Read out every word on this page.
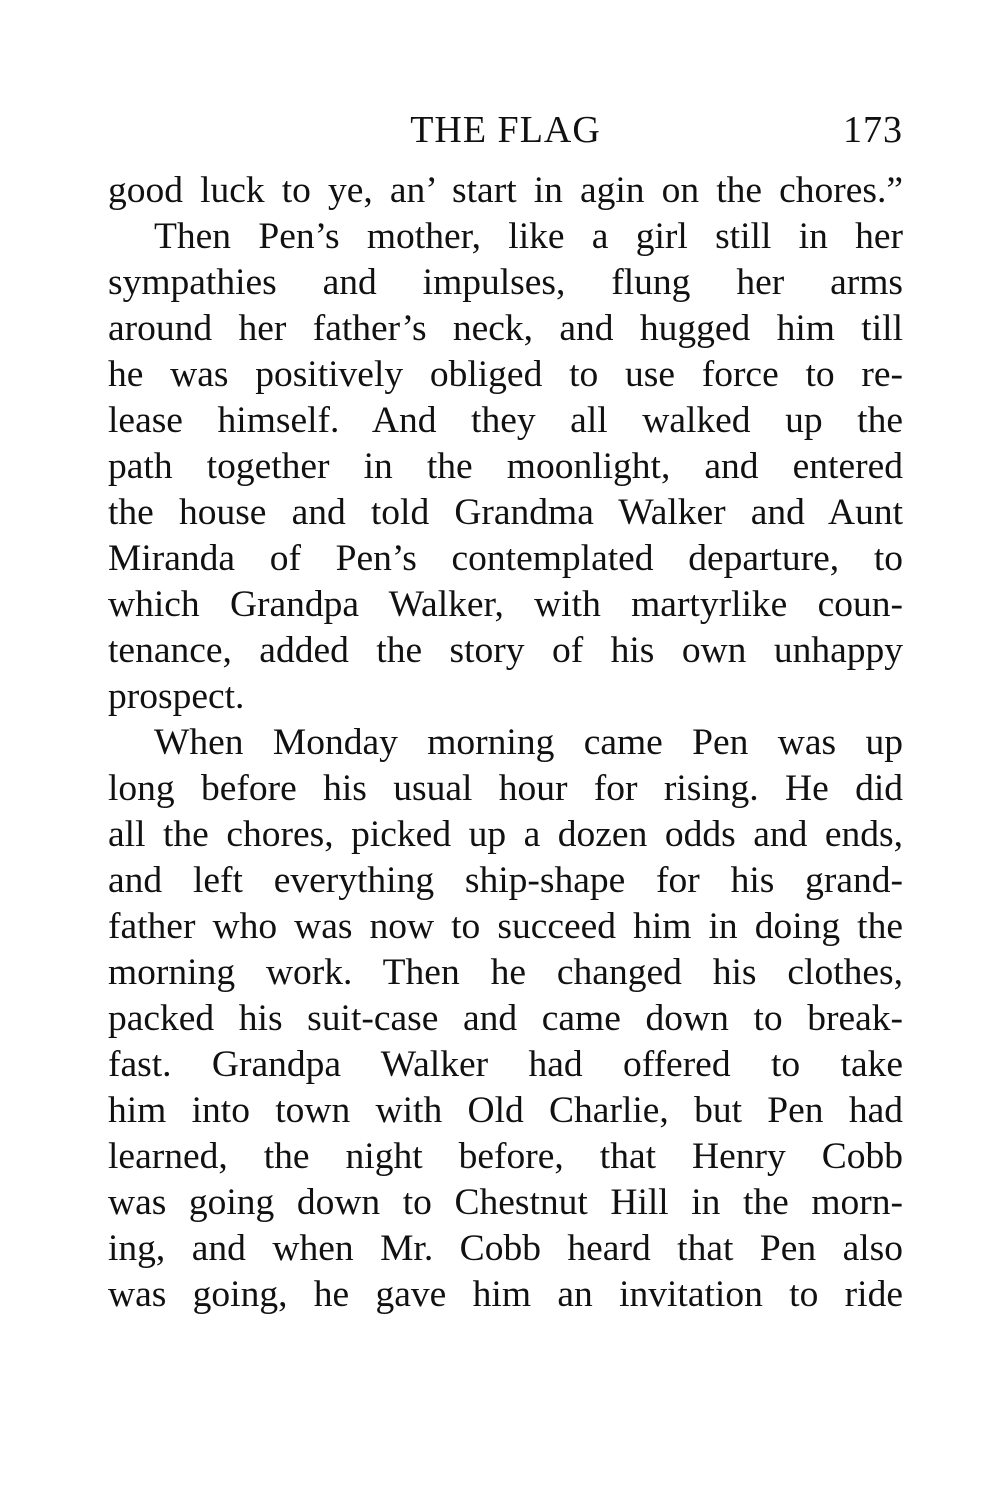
THE FLAG	173
good luck to ye, an’ start in agin on the chores.”
Then Pen’s mother, like a girl still in her
sympathies and impulses, flung her arms
around her father’s neck, and hugged him till
he was positively obliged to use force to re-
lease himself. And they all walked up the
path together in the moonlight, and entered
the house and told Grandma Walker and Aunt
Miranda of Pen’s contemplated departure, to
which Grandpa Walker, with martyrlike coun-
tenance, added the story of his own unhappy
prospect.
When Monday morning came Pen was up
long before his usual hour for rising. He did
all the chores, picked up a dozen odds and ends,
and left everything ship-shape for his grand-
father who was now to succeed him in doing the
morning work. Then he changed his clothes,
packed his suit-case and came down to break-
fast. Grandpa Walker had offered to take
him into town with Old Charlie, but Pen had
learned, the night before, that Henry Cobb
was going down to Chestnut Hill in the morn-
ing, and when Mr. Cobb heard that Pen also
was going, he gave him an invitation to ride
